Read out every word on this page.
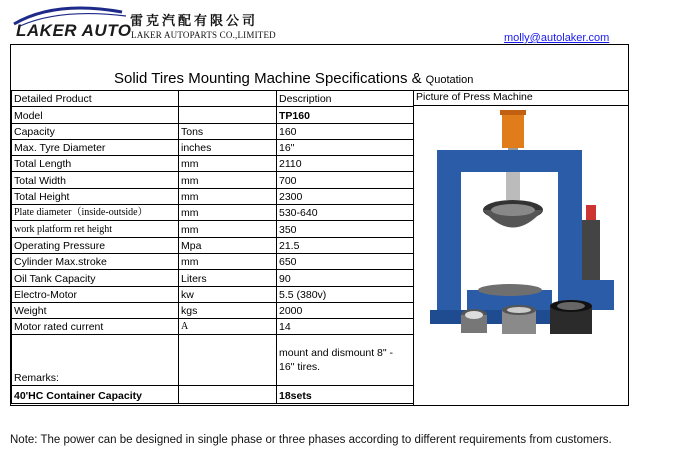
LAKER AUTO
雷克汽配有限公司
LAKER AUTOPARTS CO.,LIMITED	molly@autolaker.com
Solid Tires Mounting Machine Specifications & Quotation
Detailed Product		Description
Model		TP160
Capacity	Tons	160
Max. Tyre Diameter	inches	16"
Total Length	mm	2110
Total Width	mm	700
Total Height	mm	2300
Plate diameter（inside-outside）	mm	530-640
work platform ret height	mm	350
Operating Pressure	Mpa	21.5
Cylinder Max.stroke	mm	650
Oil Tank Capacity	Liters	90
Electro-Motor	kw	5.5 (380v)
Weight	kgs	2000
Motor rated current	A	14
Remarks:		mount and dismount 8" - 16" tires.
40'HC Container Capacity		18sets
Picture of Press Machine
Note: The power can be designed in single phase or three phases according to different requirements from customers.
